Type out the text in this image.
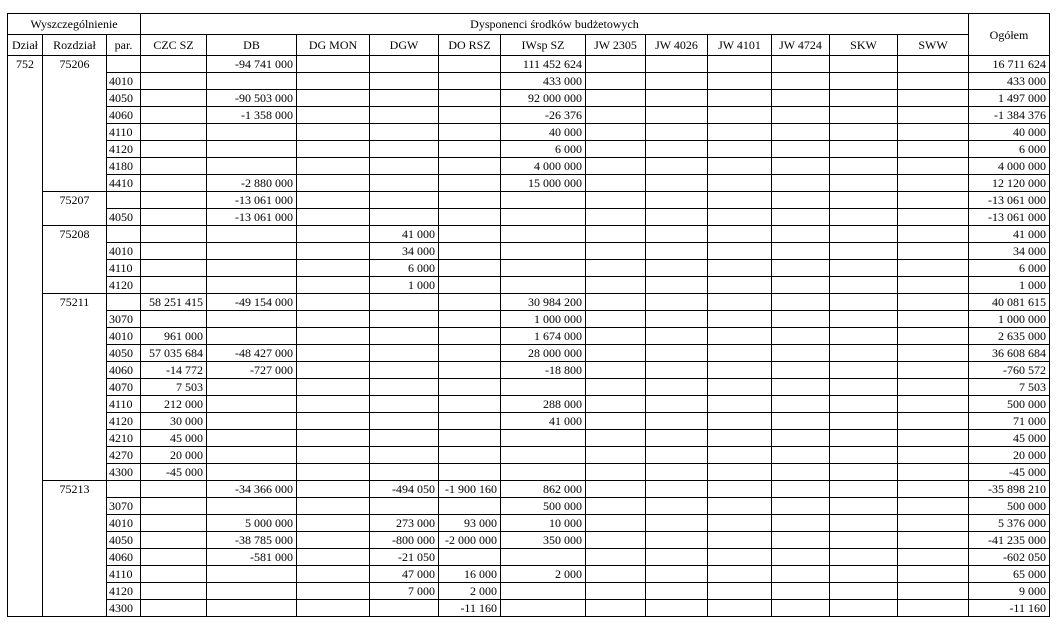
Wyszczególnienie			Dysponenci środków budżetowych												Ogółem
Dział	Rozdział	par.	CZC SZ	DB	DG MON	DGW	DO RSZ	IWsp SZ	JW 2305	JW 4026	JW 4101	JW 4724	SKW	SWW	
752	75206			-94 741 000				111 452 624							16 711 624
		4010						433 000							433 000
		4050		-90 503 000				92 000 000							1 497 000
		4060		-1 358 000				-26 376							-1 384 376
		4110						40 000							40 000
		4120						6 000							6 000
		4180						4 000 000							4 000 000
		4410		-2 880 000				15 000 000							12 120 000
	75207			-13 061 000											-13 061 000
		4050		-13 061 000											-13 061 000
	75208					41 000									41 000
		4010				34 000									34 000
		4110				6 000									6 000
		4120				1 000									1 000
	75211		58 251 415	-49 154 000				30 984 200							40 081 615
		3070						1 000 000							1 000 000
		4010	961 000					1 674 000							2 635 000
		4050	57 035 684	-48 427 000				28 000 000							36 608 684
		4060	-14 772	-727 000				-18 800							-760 572
		4070	7 503												7 503
		4110	212 000					288 000							500 000
		4120	30 000					41 000							71 000
		4210	45 000												45 000
		4270	20 000												20 000
		4300	-45 000												-45 000
	75213			-34 366 000		-494 050	-1 900 160	862 000							-35 898 210
		3070						500 000							500 000
		4010		5 000 000		273 000	93 000	10 000							5 376 000
		4050		-38 785 000		-800 000	-2 000 000	350 000							-41 235 000
		4060		-581 000		-21 050									-602 050
		4110				47 000	16 000	2 000							65 000
		4120				7 000	2 000								9 000
		4300					-11 160								-11 160
